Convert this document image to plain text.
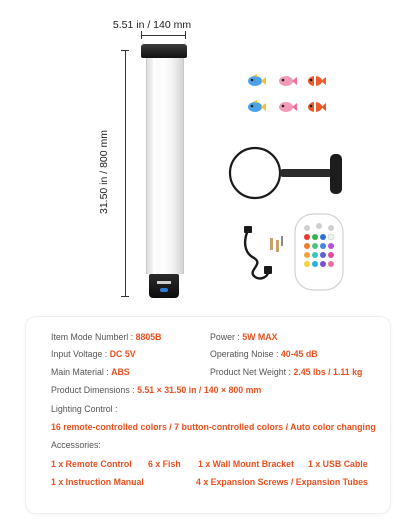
5.51 in / 140 mm
31.50 in / 800 mm
Item Mode Numberl : 8805B	Power : 5W MAX
Input Voltage : DC 5V	Operating Noise : 40-45 dB
Main Material : ABS	Product Net Weight : 2.45 lbs / 1.11 kg
Product Dimensions : 5.51 × 31.50 in / 140 × 800 mm
Lighting Control :
16 remote-controlled colors / 7 button-controlled colors / Auto color changing
Accessories:
1 x Remote Control 6 x Fish 1 x Wall Mount Bracket 1 x USB Cable
1 x Instruction Manual	4 x Expansion Screws / Expansion Tubes
